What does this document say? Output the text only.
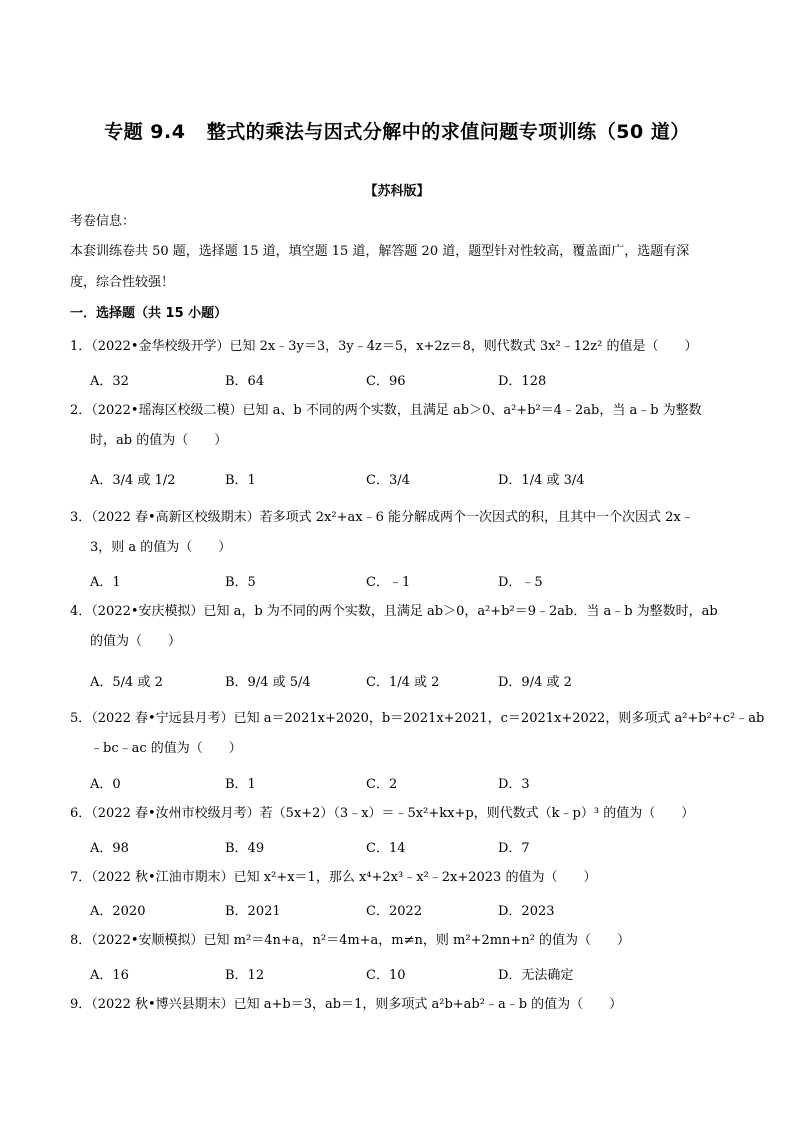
专题 9.4   整式的乘法与因式分解中的求值问题专项训练（50 道）
【苏科版】
考卷信息：
本套训练卷共 50 题，选择题 15 道，填空题 15 道，解答题 20 道，题型针对性较高，覆盖面广，选题有深
度，综合性较强！
一．选择题（共 15 小题）
1．（2022•金华校级开学）已知 2x﹣3y＝3，3y﹣4z＝5，x+2z＝8，则代数式 3x²﹣12z² 的值是（　　）
A．32	B．64	C．96	D．128
2．（2022•瑶海区校级二模）已知 a、b 不同的两个实数，且满足 ab＞0、a²+b²＝4﹣2ab，当 a﹣b 为整数
时，ab 的值为（　　）
A．3/4 或 1/2	B．1	C．3/4	D．1/4 或 3/4
3．（2022 春•高新区校级期末）若多项式 2x²+ax﹣6 能分解成两个一次因式的积，且其中一个次因式 2x﹣
3，则 a 的值为（　　）
A．1	B．5	C．﹣1	D．﹣5
4．（2022•安庆模拟）已知 a，b 为不同的两个实数，且满足 ab＞0，a²+b²＝9﹣2ab．当 a﹣b 为整数时，ab
的值为（　　）
A．5/4 或 2	B．9/4 或 5/4	C．1/4 或 2	D．9/4 或 2
5．（2022 春•宁远县月考）已知 a＝2021x+2020，b＝2021x+2021，c＝2021x+2022，则多项式 a²+b²+c²﹣ab
﹣bc﹣ac 的值为（　　）
A．0	B．1	C．2	D．3
6．（2022 春•汝州市校级月考）若（5x+2）（3﹣x）＝﹣5x²+kx+p，则代数式（k﹣p）³ 的值为（　　）
A．98	B．49	C．14	D．7
7．（2022 秋•江油市期末）已知 x²+x＝1，那么 x⁴+2x³﹣x²﹣2x+2023 的值为（　　）
A．2020	B．2021	C．2022	D．2023
8．（2022•安顺模拟）已知 m²＝4n+a，n²＝4m+a，m≠n，则 m²+2mn+n² 的值为（　　）
A．16	B．12	C．10	D．无法确定
9．（2022 秋•博兴县期末）已知 a+b＝3，ab＝1，则多项式 a²b+ab²﹣a﹣b 的值为（　　）
